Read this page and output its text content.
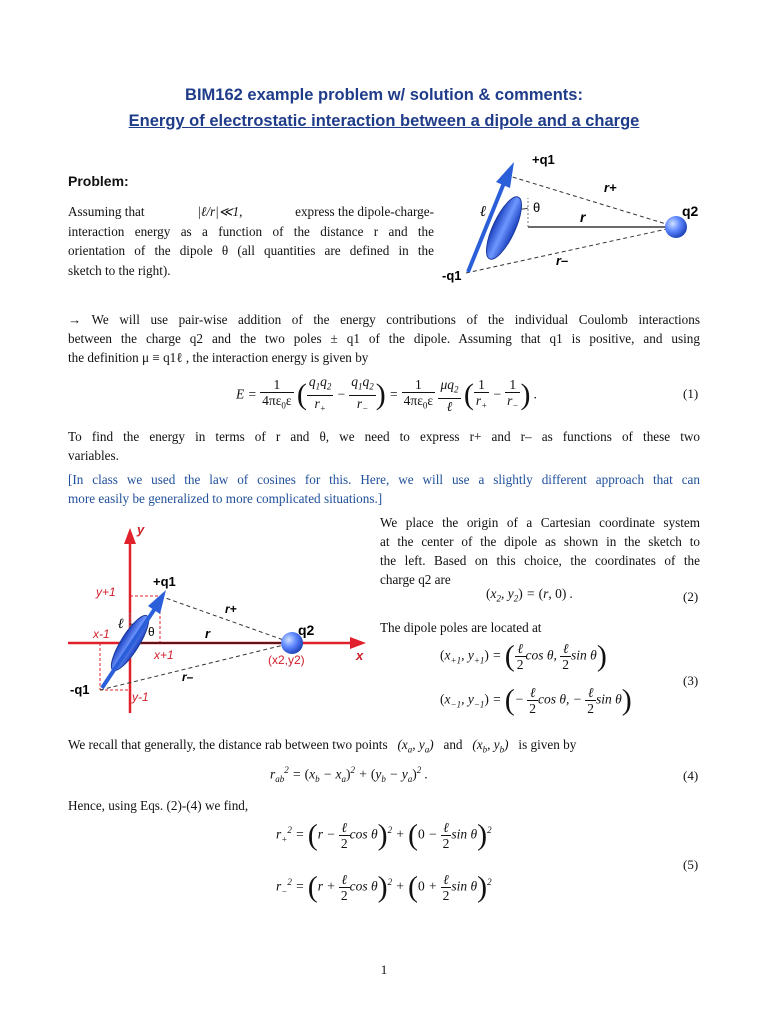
BIM162 example problem w/ solution & comments:
Energy of electrostatic interaction between a dipole and a charge
Problem:
Assuming that	|ℓ/r|≪1,	express the dipole-charge-
interaction energy as a function of the distance r and the
orientation of the dipole θ (all quantities are defined in the
sketch to the right).
+q1
-q1
q2
ℓ	θ
r
r+
r–
→ We will use pair-wise addition of the energy contributions of the individual Coulomb interactions
between the charge q2 and the two poles ± q1 of the dipole. Assuming that q1 is positive, and using
the definition μ ≡ q1ℓ , the interaction energy is given by
$E = \frac{1}{4\pi\varepsilon_0\varepsilon}$ ( $\frac{q_1q_2}{r_+} - \frac{q_1q_2}{r_-}$ ) = $\frac{1}{4\pi\varepsilon_0\varepsilon}$
$\frac{\mu q_2}{\text{ℓ}}$ ( $\frac{1}{r_+} - \frac{1}{r_-}$ ) .	(1)
To find the energy in terms of r and θ, we need to express r+ and r– as functions of these two
variables.
[In class we used the law of cosines for this. Here, we will use a slightly different approach that can
more easily be generalized to more complicated situations.]
y
x
y+1
x-1
x+1
y-1
+q1
-q1
q2
ℓ θ	r
r+
r–
(x2,y2)
We place the origin of a Cartesian coordinate system
at the center of the dipole as shown in the sketch to
the left. Based on this choice, the coordinates of the
charge q2 are
($x_2$, $y_2) = (r$, 0) .	(2)
The dipole poles are located at
($x_{+1}$, $y_{+1}$) = ( $\frac{\text{ℓ}}{2}$ cos θ, $\frac{\text{ℓ}}{2}$ sin θ)
($x_{-1}$, $y_{-1}$) = (− $\frac{\text{ℓ}}{2}$ cos θ, − $\frac{\text{ℓ}}{2}$ sin θ)
(3)
We recall that generally, the distance rab between two points   ($x_a$, $y_a$)   and   ($x_b$, $y_b$)   is given by
$r_{ab}^2 = (x_b - x_a)^2 + (y_b - y_a)^2$ .	(4)
Hence, using Eqs. (2)-(4) we find,
$r_+^2 = (r - \frac{\text{ℓ}}{2}$ $\cos \theta)^2 + (0 - \frac{\text{ℓ}}{2}$ $\sin \theta)^2$
$r_-^2 = (r + \frac{\text{ℓ}}{2}$ $\cos \theta)^2 + (0 + \frac{\text{ℓ}}{2}$ $\sin \theta)^2$
(5)
1
